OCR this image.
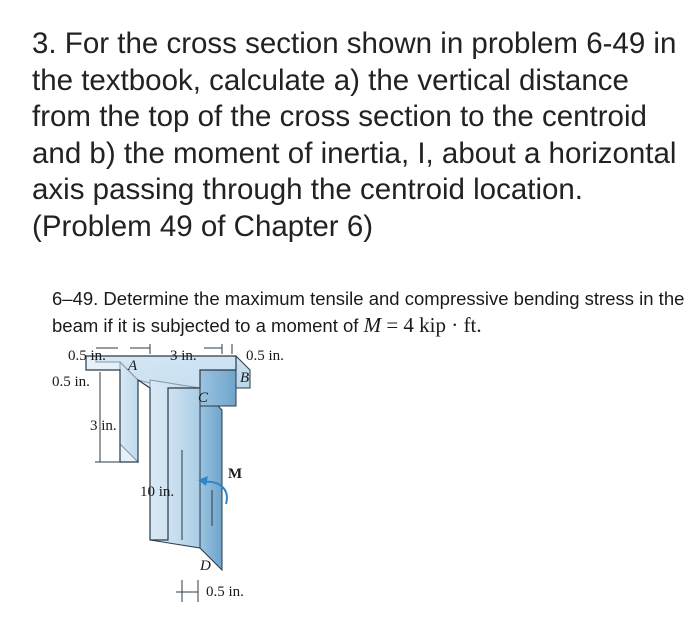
3. For the cross section shown in problem 6-49 in the textbook, calculate a) the vertical distance from the top of the cross section to the centroid and b) the moment of inertia, I, about a horizontal axis passing through the centroid location. (Problem 49 of Chapter 6)
6–49. Determine the maximum tensile and compressive bending stress in the beam if it is subjected to a moment of M = 4 kip · ft.
0.5 in.
0.5 in.
3 in.	0.5 in.
3 in.
10 in.
0.5 in.
A
B
C
D
M
